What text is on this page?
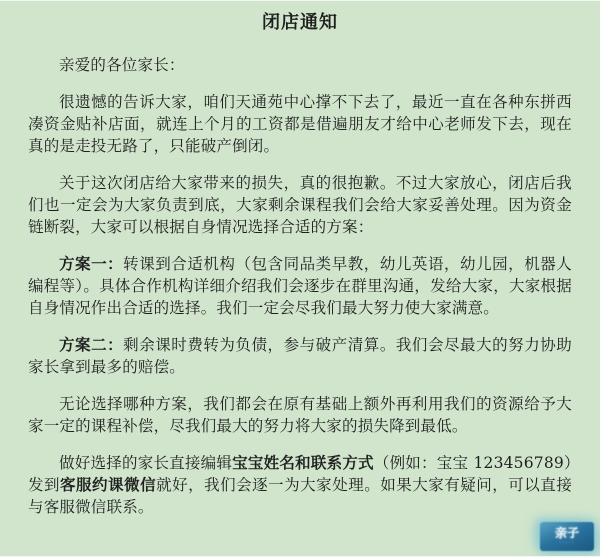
闭店通知

亲爱的各位家长：

很遗憾的告诉大家，咱们天通苑中心撑不下去了，最近一直在各种东拼西凑资金贴补店面，就连上个月的工资都是借遍朋友才给中心老师发下去，现在真的是走投无路了，只能破产倒闭。

关于这次闭店给大家带来的损失，真的很抱歉。不过大家放心，闭店后我们也一定会为大家负责到底，大家剩余课程我们会给大家妥善处理。因为资金链断裂，大家可以根据自身情况选择合适的方案：

方案一：转课到合适机构（包含同品类早教，幼儿英语，幼儿园，机器人编程等）。具体合作机构详细介绍我们会逐步在群里沟通，发给大家，大家根据自身情况作出合适的选择。我们一定会尽我们最大努力使大家满意。

方案二：剩余课时费转为负债，参与破产清算。我们会尽最大的努力协助家长拿到最多的赔偿。

无论选择哪种方案，我们都会在原有基础上额外再利用我们的资源给予大家一定的课程补偿，尽我们最大的努力将大家的损失降到最低。

做好选择的家长直接编辑宝宝姓名和联系方式（例如：宝宝 123456789）发到客服约课微信就好，我们会逐一为大家处理。如果大家有疑问，可以直接与客服微信联系。

亲子
·····
